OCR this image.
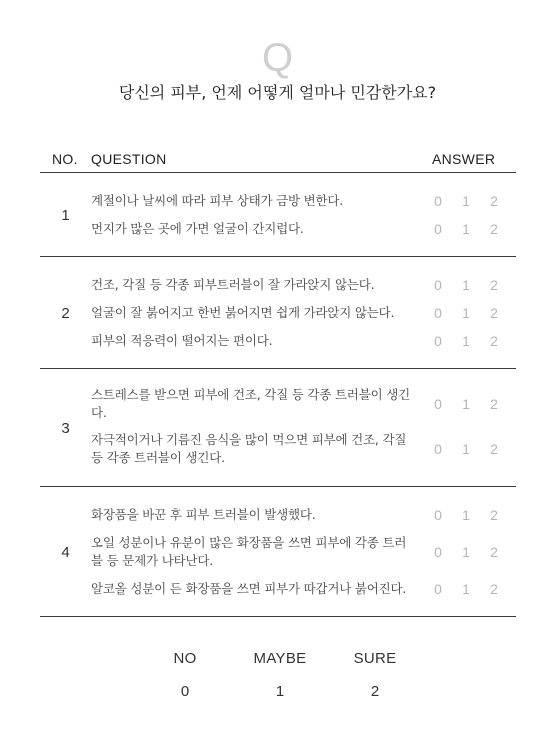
Q
당신의 피부, 언제 어떻게 얼마나 민감한가요?
NO. QUESTION	ANSWER
1
계절이나 날씨에 따라 피부 상태가 금방 변한다.	0 1 2
먼지가 많은 곳에 가면 얼굴이 간지럽다.	0 1 2
2
건조, 각질 등 각종 피부트러블이 잘 가라앉지 않는다.	0 1 2
얼굴이 잘 붉어지고 한번 붉어지면 쉽게 가라앉지 않는다.	0 1 2
피부의 적응력이 떨어지는 편이다.	0 1 2
3
스트레스를 받으면 피부에 건조, 각질 등 각종 트러블이 생긴다.
0 1 2
자극적이거나 기름진 음식을 많이 먹으면 피부에 건조, 각질 등 각종 트러블이 생긴다.
0 1 2
4
화장품을 바꾼 후 피부 트러블이 발생했다.	0 1 2
오일 성분이나 유분이 많은 화장품을 쓰면 피부에 각종 트러블 등 문제가 나타난다.
0 1 2
알코올 성분이 든 화장품을 쓰면 피부가 따갑거나 붉어진다.	0 1 2
NO
0
MAYBE
1
SURE
2
